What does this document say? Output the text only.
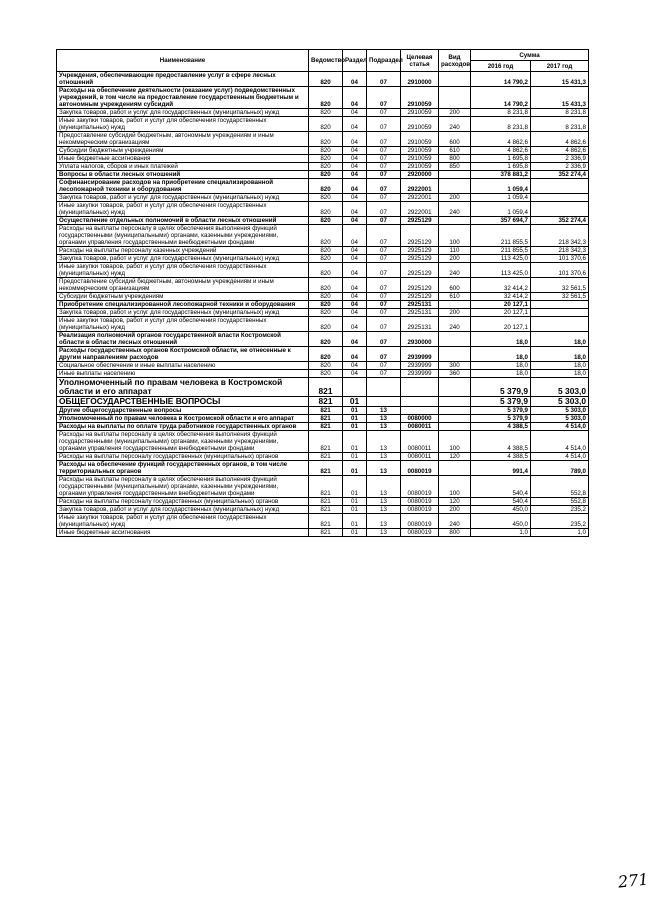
Наименование	Ведомство	Раздел	Подраздел	Целевая статья	Вид расходов	Сумма	
						2016 год	2017 год
Учреждения, обеспечивающие предоставление услуг в сфере лесных отношений	820	04	07	2910000		14 790,2	15 431,3
Расходы на обеспечение деятельности (оказание услуг) подведомственных учреждений, в том числе на предоставление государственным бюджетным и автономным учреждениям субсидий	820	04	07	2910059		14 790,2	15 431,3
Закупка товаров, работ и услуг для государственных (муниципальных) нужд	820	04	07	2910059	200	8 231,8	8 231,8
Иные закупки товаров, работ и услуг для обеспечения государственных (муниципальных) нужд	820	04	07	2910059	240	8 231,8	8 231,8
Предоставление субсидий бюджетным, автономным учреждениям и иным некоммерческим организациям	820	04	07	2910059	600	4 862,6	4 862,6
Субсидии бюджетным учреждениям	820	04	07	2910059	610	4 862,6	4 862,6
Иные бюджетные ассигнования	820	04	07	2910059	800	1 695,8	2 336,9
Уплата налогов, сборов и иных платежей	820	04	07	2910059	850	1 695,8	2 336,9
Вопросы в области лесных отношений	820	04	07	2920000		378 881,2	352 274,4
Софинансирование расходов на приобретение специализированной лесопожарной техники и оборудования	820	04	07	2922001		1 059,4	
Закупка товаров, работ и услуг для государственных (муниципальных) нужд	820	04	07	2922001	200	1 059,4	
Иные закупки товаров, работ и услуг для обеспечения государственных (муниципальных) нужд	820	04	07	2922001	240	1 059,4	
Осуществление отдельных полномочий в области лесных отношений	820	04	07	2925129		357 694,7	352 274,4
Расходы на выплаты персоналу в целях обеспечения выполнения функций государственными (муниципальными) органами, казенными учреждениями, органами управления государственными внебюджетными фондами	820	04	07	2925129	100	211 855,5	218 342,3
Расходы на выплаты персоналу казенных учреждений	820	04	07	2925129	110	211 855,5	218 342,3
Закупка товаров, работ и услуг для государственных (муниципальных) нужд	820	04	07	2925129	200	113 425,0	101 370,6
Иные закупки товаров, работ и услуг для обеспечения государственных (муниципальных) нужд	820	04	07	2925129	240	113 425,0	101 370,6
Предоставление субсидий бюджетным, автономным учреждениям и иным некоммерческим организациям	820	04	07	2925129	600	32 414,2	32 561,5
Субсидии бюджетным учреждениям	820	04	07	2925129	610	32 414,2	32 561,5
Приобретение специализированной лесопожарной техники и оборудования	820	04	07	2925131		20 127,1	
Закупка товаров, работ и услуг для государственных (муниципальных) нужд	820	04	07	2925131	200	20 127,1	
Иные закупки товаров, работ и услуг для обеспечения государственных (муниципальных) нужд	820	04	07	2925131	240	20 127,1	
Реализация полномочий органов государственной власти Костромской области в области лесных отношений	820	04	07	2930000		18,0	18,0
Расходы государственных органов Костромской области, не отнесенные к другим направлениям расходов	820	04	07	2939999		18,0	18,0
Социальное обеспечение и иные выплаты населению	820	04	07	2939999	300	18,0	18,0
Иные выплаты населению	820	04	07	2939999	360	18,0	18,0
Уполномоченный по правам человека в Костромской области и его аппарат	821					5 379,9	5 303,0
ОБЩЕГОСУДАРСТВЕННЫЕ ВОПРОСЫ	821	01				5 379,9	5 303,0
Другие общегосударственные вопросы	821	01	13			5 379,9	5 303,0
Уполномоченный по правам человека в Костромской области и его аппарат	821	01	13	0080000		5 379,9	5 303,0
Расходы на выплаты по оплате труда работников государственных органов	821	01	13	0080011		4 388,5	4 514,0
Расходы на выплаты персоналу в целях обеспечения выполнения функций государственными (муниципальными) органами, казенными учреждениями, органами управления государственными внебюджетными фондами	821	01	13	0080011	100	4 388,5	4 514,0
Расходы на выплаты персоналу государственных (муниципальных) органов	821	01	13	0080011	120	4 388,5	4 514,0
Расходы на обеспечение функций государственных органов, в том числе территориальных органов	821	01	13	0080019		991,4	789,0
Расходы на выплаты персоналу в целях обеспечения выполнения функций государственными (муниципальными) органами, казенными учреждениями, органами управления государственными внебюджетными фондами	821	01	13	0080019	100	540,4	552,8
Расходы на выплаты персоналу государственных (муниципальных) органов	821	01	13	0080019	120	540,4	552,8
Закупка товаров, работ и услуг для государственных (муниципальных) нужд	821	01	13	0080019	200	450,0	235,2
Иные закупки товаров, работ и услуг для обеспечения государственных (муниципальных) нужд	821	01	13	0080019	240	450,0	235,2
Иные бюджетные ассигнования	821	01	13	0080019	800	1,0	1,0
271
